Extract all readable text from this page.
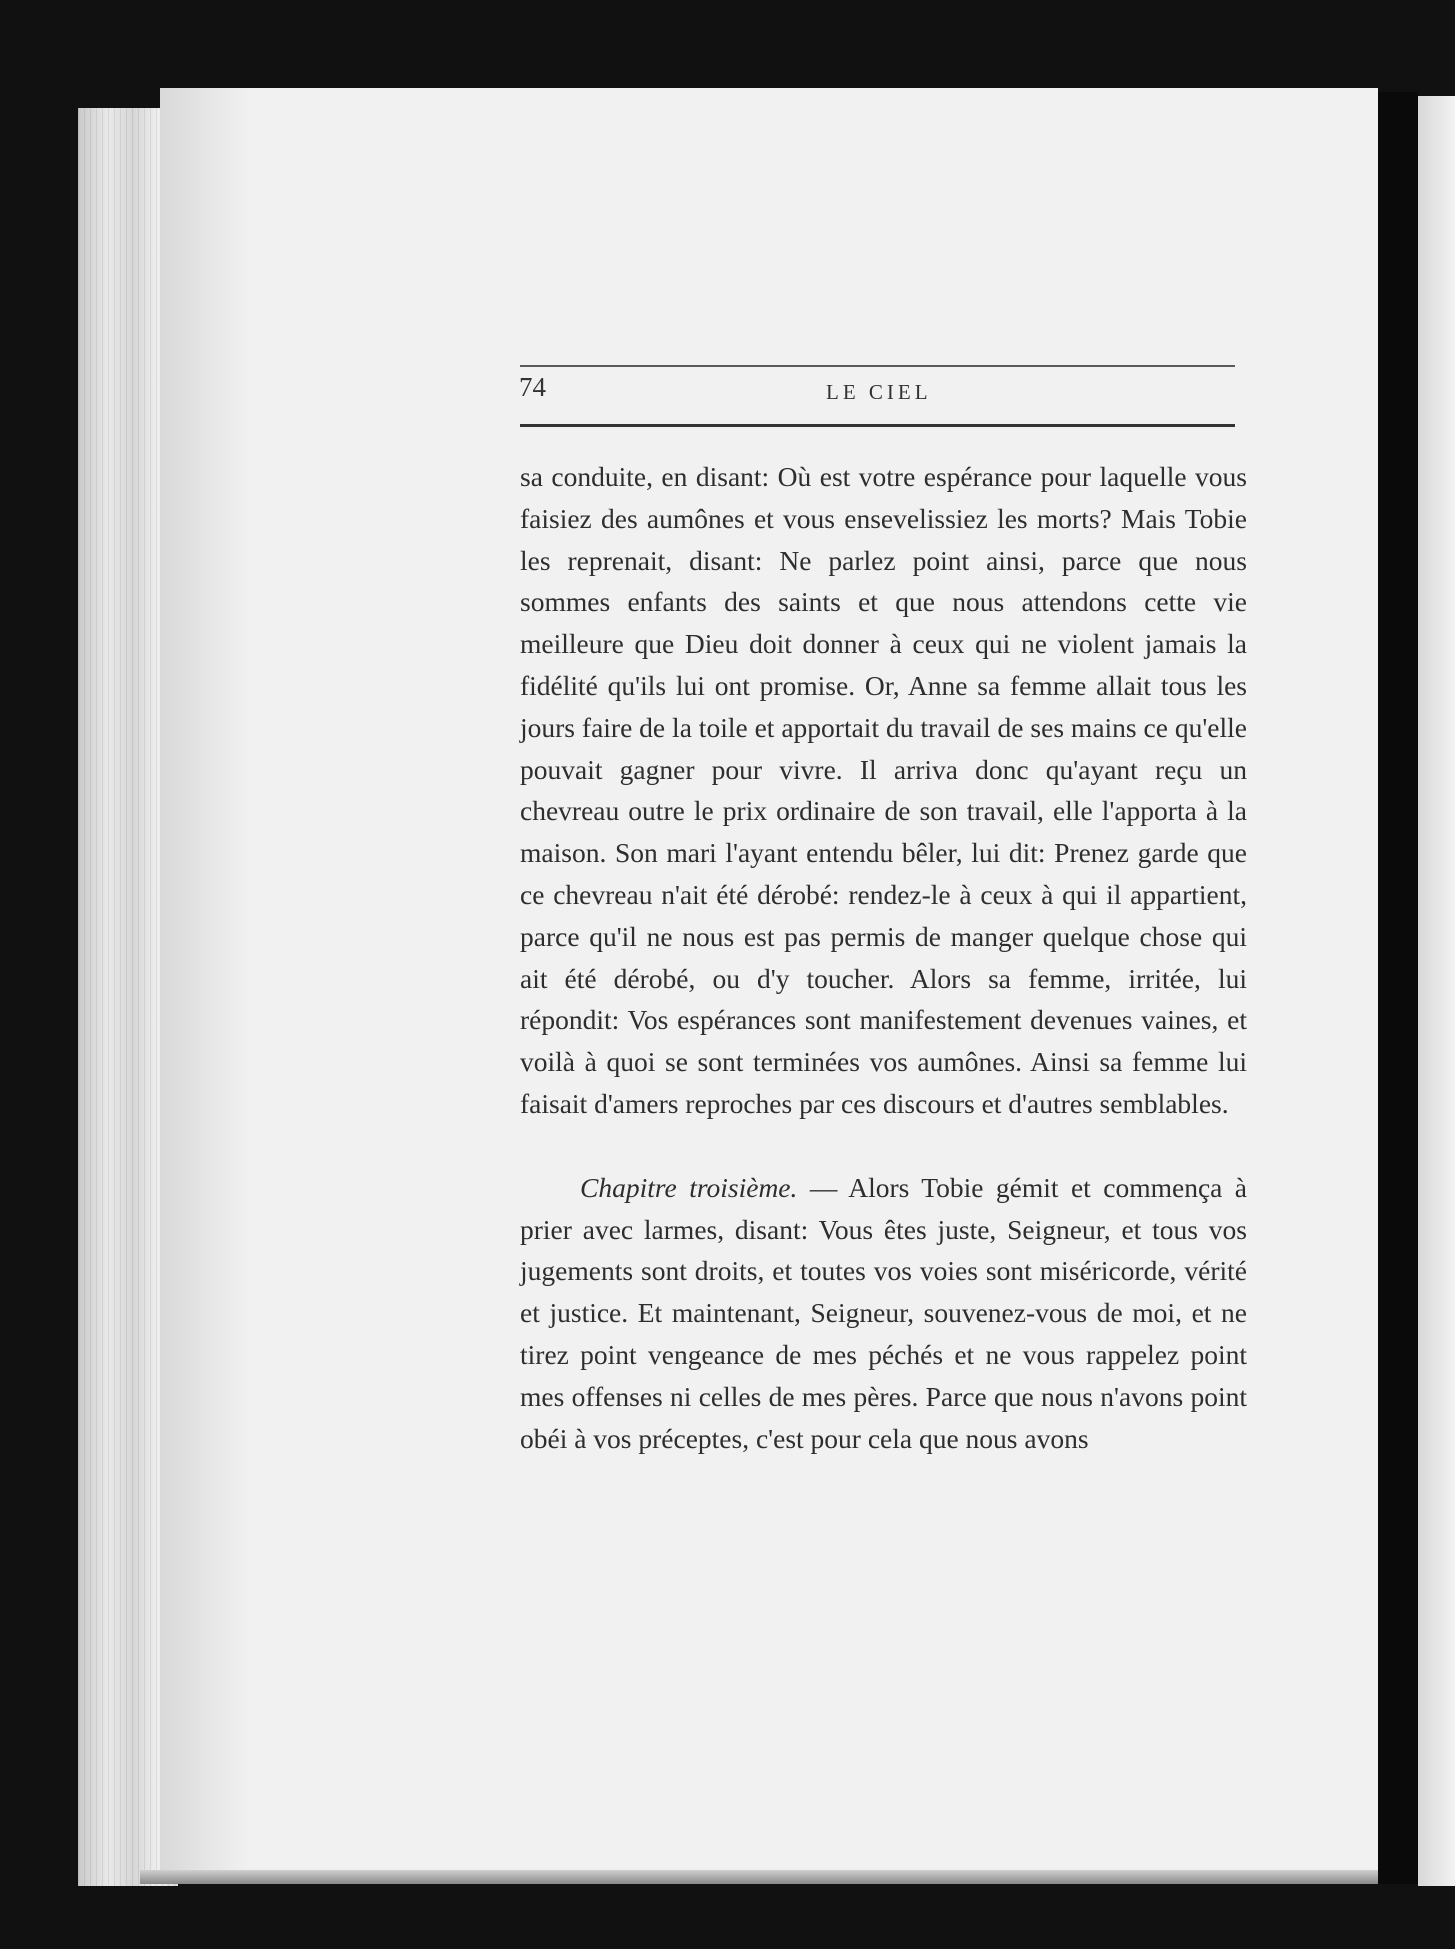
74	LE CIEL

sa conduite, en disant: Où est votre espérance pour laquelle vous faisiez des aumônes et vous ensevelissiez les morts? Mais Tobie les reprenait, disant: Ne parlez point ainsi, parce que nous sommes enfants des saints et que nous attendons cette vie meilleure que Dieu doit donner à ceux qui ne violent jamais la fidélité qu'ils lui ont promise. Or, Anne sa femme allait tous les jours faire de la toile et apportait du travail de ses mains ce qu'elle pouvait gagner pour vivre. Il arriva donc qu'ayant reçu un chevreau outre le prix ordinaire de son travail, elle l'apporta à la maison. Son mari l'ayant entendu bêler, lui dit: Prenez garde que ce chevreau n'ait été dérobé: rendez-le à ceux à qui il appartient, parce qu'il ne nous est pas permis de manger quelque chose qui ait été dérobé, ou d'y toucher. Alors sa femme, irritée, lui répondit: Vos espérances sont manifestement devenues vaines, et voilà à quoi se sont terminées vos aumônes. Ainsi sa femme lui faisait d'amers reproches par ces discours et d'autres semblables.

Chapitre troisième. — Alors Tobie gémit et commença à prier avec larmes, disant: Vous êtes juste, Seigneur, et tous vos jugements sont droits, et toutes vos voies sont miséricorde, vérité et justice. Et maintenant, Seigneur, souvenez-vous de moi, et ne tirez point vengeance de mes péchés et ne vous rappelez point mes offenses ni celles de mes pères. Parce que nous n'avons point obéi à vos préceptes, c'est pour cela que nous avons
